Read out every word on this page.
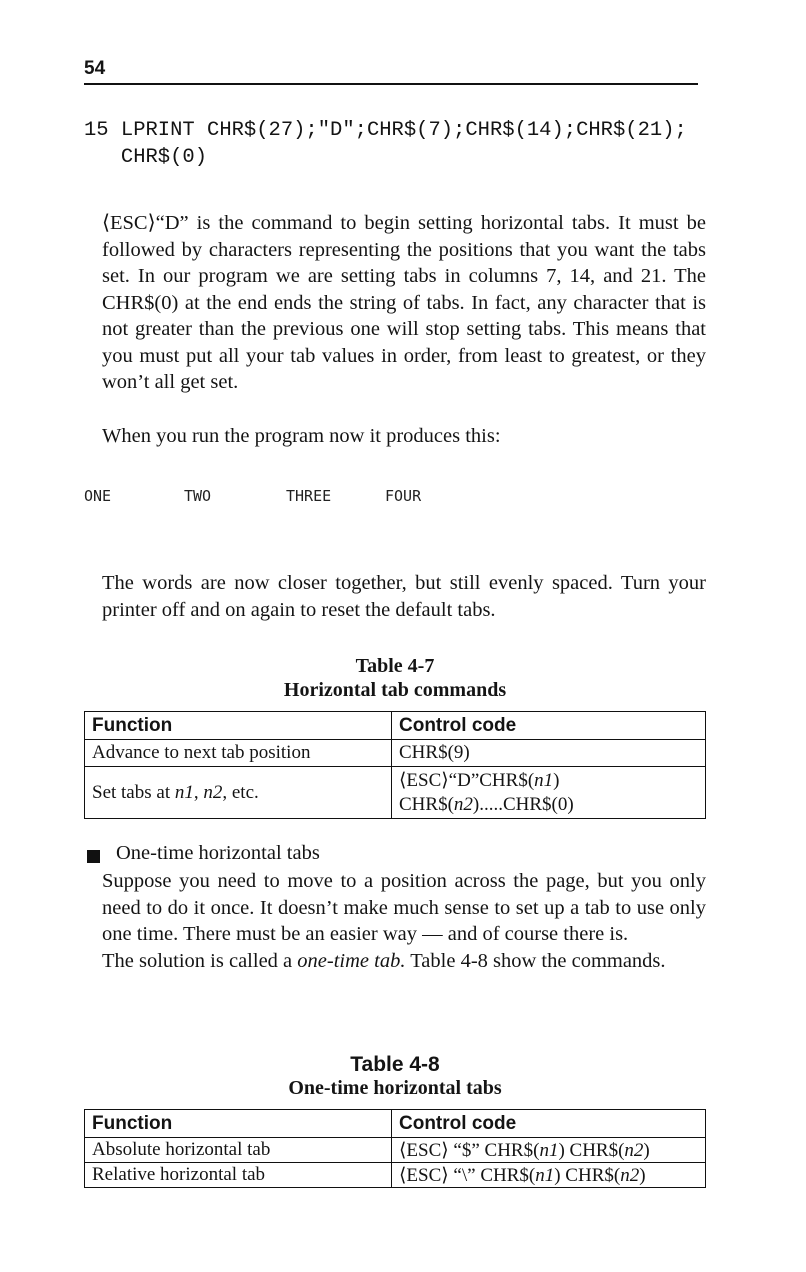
54
15 LPRINT CHR$(27);"D";CHR$(7);CHR$(14);CHR$(21);
CHR$(0)
⟨ESC⟩“D” is the command to begin setting horizontal tabs. It must be followed by characters representing the positions that you want the tabs set. In our program we are setting tabs in columns 7, 14, and 21. The CHR$(0) at the end ends the string of tabs. In fact, any character that is not greater than the previous one will stop setting tabs. This means that you must put all your tab values in order, from least to greatest, or they won’t all get set.
When you run the program now it produces this:
ONE	TWO	THREE	FOUR
The words are now closer together, but still evenly spaced. Turn your printer off and on again to reset the default tabs.
Table 4-7
Horizontal tab commands
Function	Control code
Advance to next tab position	CHR$(9)
Set tabs at n1, n2, etc.	⟨ESC⟩“D”CHR$(n1)
CHR$(n2).....CHR$(0)
One-time horizontal tabs
Suppose you need to move to a position across the page, but you only need to do it once. It doesn’t make much sense to set up a tab to use only one time. There must be an easier way — and of course there is.
The solution is called a one-time tab. Table 4-8 show the commands.
Table 4-8
One-time horizontal tabs
Function	Control code
Absolute horizontal tab	⟨ESC⟩ “$” CHR$(n1) CHR$(n2)
Relative horizontal tab	⟨ESC⟩ “\” CHR$(n1) CHR$(n2)
